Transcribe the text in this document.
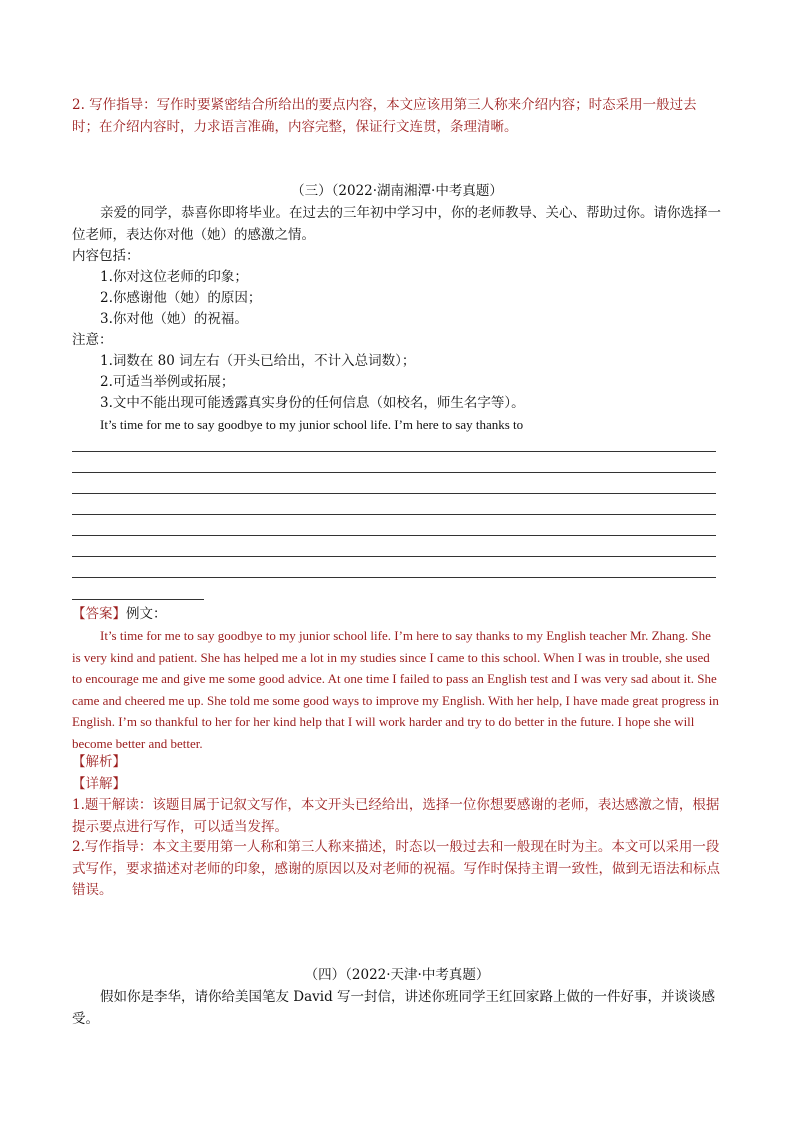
2. 写作指导：写作时要紧密结合所给出的要点内容，本文应该用第三人称来介绍内容；时态采用一般过去时；在介绍内容时，力求语言准确，内容完整，保证行文连贯，条理清晰。
（三）（2022·湖南湘潭·中考真题）
亲爱的同学，恭喜你即将毕业。在过去的三年初中学习中，你的老师教导、关心、帮助过你。请你选择一位老师，表达你对他（她）的感激之情。
内容包括：
1.你对这位老师的印象；
2.你感谢他（她）的原因；
3.你对他（她）的祝福。
注意：
1.词数在 80 词左右（开头已给出，不计入总词数）；
2.可适当举例或拓展；
3.文中不能出现可能透露真实身份的任何信息（如校名，师生名字等）。
It’s time for me to say goodbye to my junior school life. I’m here to say thanks to
【答案】例文：
It’s time for me to say goodbye to my junior school life. I’m here to say thanks to my English teacher Mr. Zhang. She is very kind and patient. She has helped me a lot in my studies since I came to this school. When I was in trouble, she used to encourage me and give me some good advice. At one time I failed to pass an English test and I was very sad about it. She came and cheered me up. She told me some good ways to improve my English. With her help, I have made great progress in English. I’m so thankful to her for her kind help that I will work harder and try to do better in the future. I hope she will become better and better.
【解析】
【详解】
1.题干解读：该题目属于记叙文写作，本文开头已经给出，选择一位你想要感谢的老师，表达感激之情，根据提示要点进行写作，可以适当发挥。
2.写作指导：本文主要用第一人称和第三人称来描述，时态以一般过去和一般现在时为主。本文可以采用一段式写作，要求描述对老师的印象，感谢的原因以及对老师的祝福。写作时保持主谓一致性，做到无语法和标点错误。
（四）（2022·天津·中考真题）
假如你是李华，请你给美国笔友 David 写一封信，讲述你班同学王红回家路上做的一件好事，并谈谈感受。
